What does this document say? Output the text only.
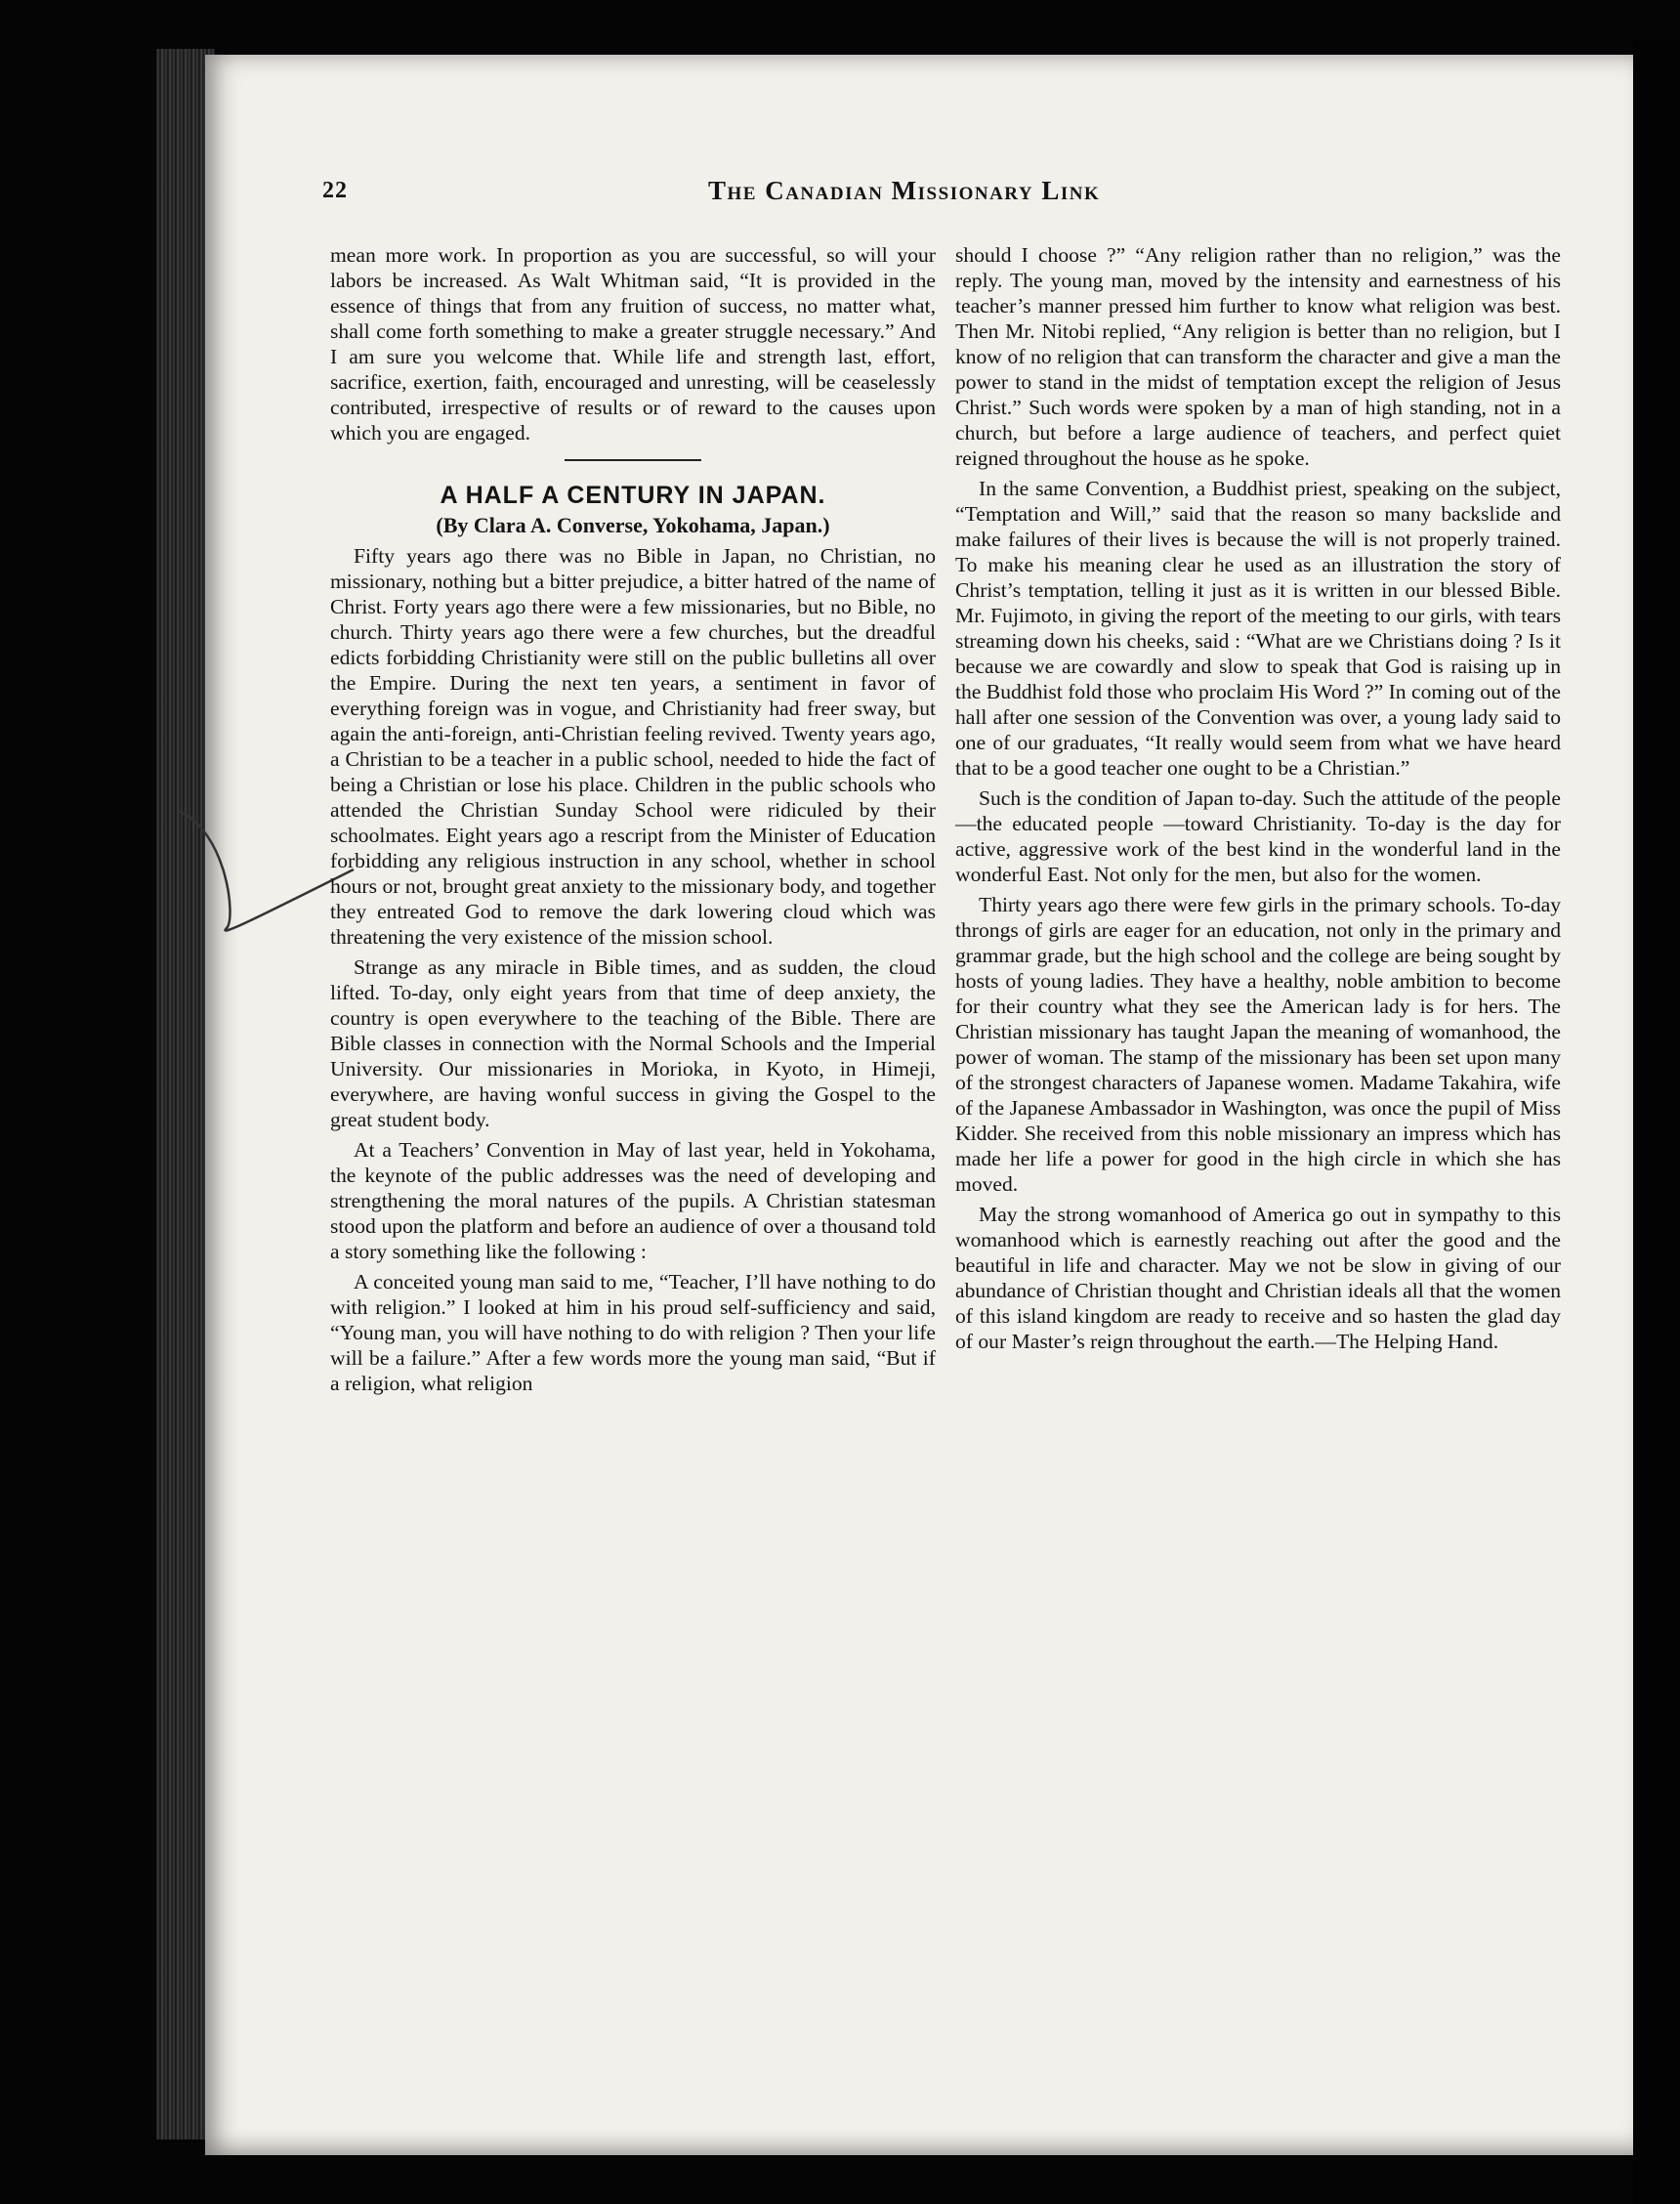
22	The Canadian Missionary Link

mean more work. In proportion as you are successful, so will your labors be increased. As Walt Whitman said, “It is provided in the essence of things that from any fruition of success, no matter what, shall come forth something to make a greater struggle necessary.” And I am sure you welcome that. While life and strength last, effort, sacrifice, exertion, faith, encouraged and unresting, will be ceaselessly contributed, irrespective of results or of reward to the causes upon which you are engaged.

A HALF A CENTURY IN JAPAN.

(By Clara A. Converse, Yokohama, Japan.)

Fifty years ago there was no Bible in Japan, no Christian, no missionary, nothing but a bitter prejudice, a bitter hatred of the name of Christ. Forty years ago there were a few missionaries, but no Bible, no church. Thirty years ago there were a few churches, but the dreadful edicts forbidding Christianity were still on the public bulletins all over the Empire. During the next ten years, a sentiment in favor of everything foreign was in vogue, and Christianity had freer sway, but again the anti-foreign, anti-Christian feeling revived. Twenty years ago, a Christian to be a teacher in a public school, needed to hide the fact of being a Christian or lose his place. Children in the public schools who attended the Christian Sunday School were ridiculed by their schoolmates. Eight years ago a rescript from the Minister of Education forbidding any religious instruction in any school, whether in school hours or not, brought great anxiety to the missionary body, and together they entreated God to remove the dark lowering cloud which was threatening the very existence of the mission school.

Strange as any miracle in Bible times, and as sudden, the cloud lifted. To-day, only eight years from that time of deep anxiety, the country is open everywhere to the teaching of the Bible. There are Bible classes in connection with the Normal Schools and the Imperial University. Our missionaries in Morioka, in Kyoto, in Himeji, everywhere, are having wonful success in giving the Gospel to the great student body.

At a Teachers’ Convention in May of last year, held in Yokohama, the keynote of the public addresses was the need of developing and strengthening the moral natures of the pupils. A Christian statesman stood upon the platform and before an audience of over a thousand told a story something like the following :

A conceited young man said to me, “Teacher, I’ll have nothing to do with religion.” I looked at him in his proud self-sufficiency and said, “Young man, you will have nothing to do with religion ? Then your life will be a failure.” After a few words more the young man said, “But if a religion, what religion

should I choose ?” “Any religion rather than no religion,” was the reply. The young man, moved by the intensity and earnestness of his teacher’s manner pressed him further to know what religion was best. Then Mr. Nitobi replied, “Any religion is better than no religion, but I know of no religion that can transform the character and give a man the power to stand in the midst of temptation except the religion of Jesus Christ.” Such words were spoken by a man of high standing, not in a church, but before a large audience of teachers, and perfect quiet reigned throughout the house as he spoke.

In the same Convention, a Buddhist priest, speaking on the subject, “Temptation and Will,” said that the reason so many backslide and make failures of their lives is because the will is not properly trained. To make his meaning clear he used as an illustration the story of Christ’s temptation, telling it just as it is written in our blessed Bible. Mr. Fujimoto, in giving the report of the meeting to our girls, with tears streaming down his cheeks, said : “What are we Christians doing ? Is it because we are cowardly and slow to speak that God is raising up in the Buddhist fold those who proclaim His Word ?” In coming out of the hall after one session of the Convention was over, a young lady said to one of our graduates, “It really would seem from what we have heard that to be a good teacher one ought to be a Christian.”

Such is the condition of Japan to-day. Such the attitude of the people—the educated people —toward Christianity. To-day is the day for active, aggressive work of the best kind in the wonderful land in the wonderful East. Not only for the men, but also for the women.

Thirty years ago there were few girls in the primary schools. To-day throngs of girls are eager for an education, not only in the primary and grammar grade, but the high school and the college are being sought by hosts of young ladies. They have a healthy, noble ambition to become for their country what they see the American lady is for hers. The Christian missionary has taught Japan the meaning of womanhood, the power of woman. The stamp of the missionary has been set upon many of the strongest characters of Japanese women. Madame Takahira, wife of the Japanese Ambassador in Washington, was once the pupil of Miss Kidder. She received from this noble missionary an impress which has made her life a power for good in the high circle in which she has moved.

May the strong womanhood of America go out in sympathy to this womanhood which is earnestly reaching out after the good and the beautiful in life and character. May we not be slow in giving of our abundance of Christian thought and Christian ideals all that the women of this island kingdom are ready to receive and so hasten the glad day of our Master’s reign throughout the earth.—The Helping Hand.
